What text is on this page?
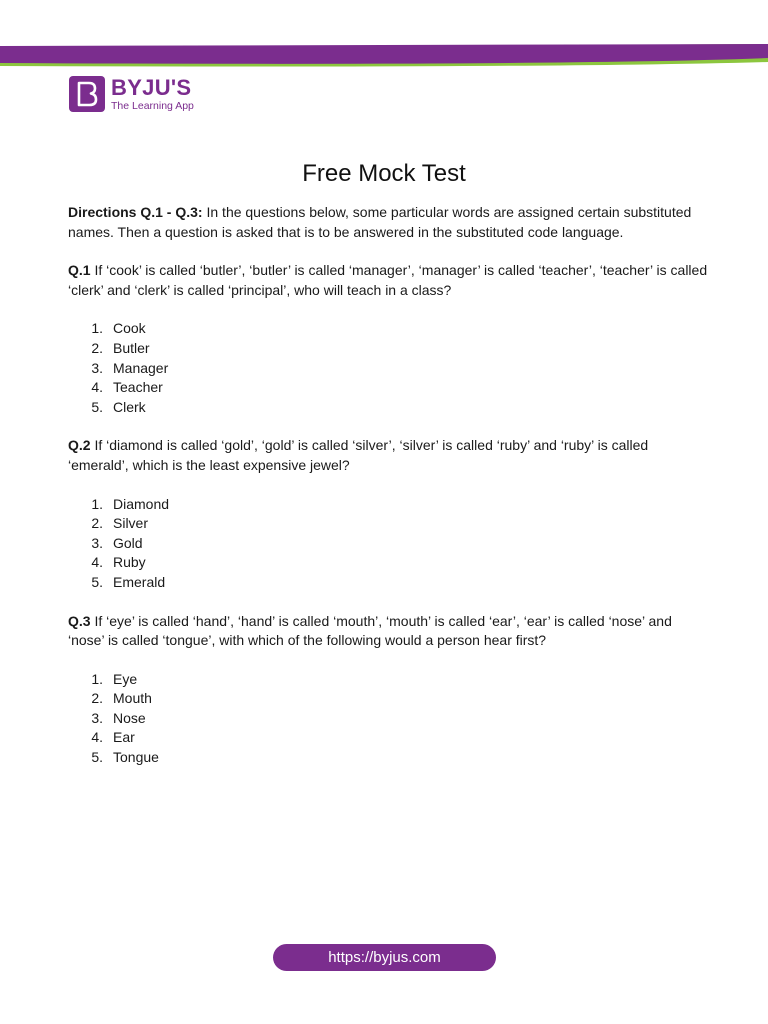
BYJU'S
The Learning App
Free Mock Test

Directions Q.1 - Q.3: In the questions below, some particular words are assigned certain substituted names. Then a question is asked that is to be answered in the substituted code language.

Q.1 If ‘cook’ is called ‘butler’, ‘butler’ is called ‘manager’, ‘manager’ is called ‘teacher’, ‘teacher’ is called ‘clerk’ and ‘clerk’ is called ‘principal’, who will teach in a class?

1. Cook
2. Butler
3. Manager
4. Teacher
5. Clerk

Q.2 If ‘diamond is called ‘gold’, ‘gold’ is called ‘silver’, ‘silver’ is called ‘ruby’ and ‘ruby’ is called ‘emerald’, which is the least expensive jewel?

1. Diamond
2. Silver
3. Gold
4. Ruby
5. Emerald

Q.3 If ‘eye’ is called ‘hand’, ‘hand’ is called ‘mouth’, ‘mouth’ is called ‘ear’, ‘ear’ is called ‘nose’ and ‘nose’ is called ‘tongue’, with which of the following would a person hear first?

1. Eye
2. Mouth
3. Nose
4. Ear
5. Tongue
https://byjus.com
